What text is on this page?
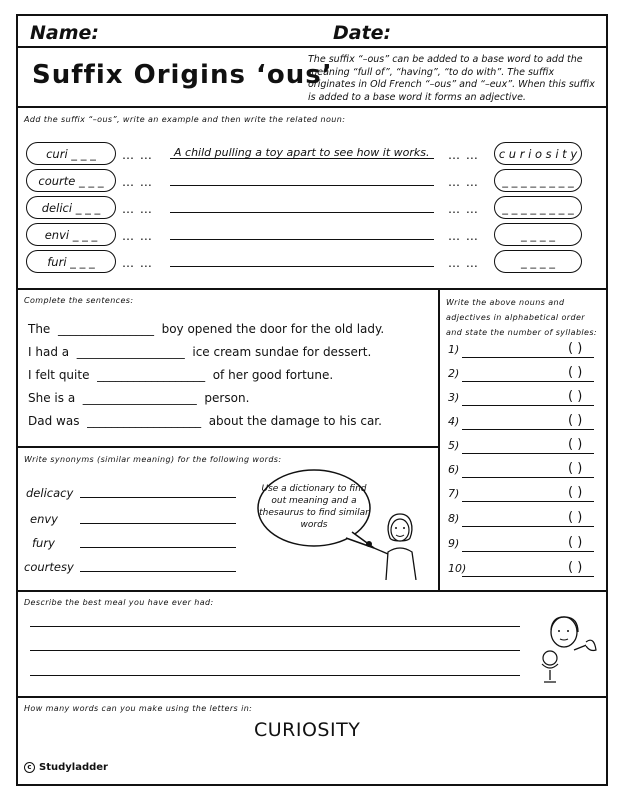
Name:	Date:
Suffix Origins ‘ous’
The suffix “–ous” can be added to a base word to add the meaning “full of”, “having”, “to do with”. The suffix originates in Old French “–ous” and “–eux”. When this suffix is added to a base word it forms an adjective.
Add the suffix “–ous”, write an example and then write the related noun:
curi _ _ _	… … A child pulling a toy apart to see how it works. … …	c u r i o s i t y
courte _ _ _	… …	… …	_ _ _ _ _ _ _ _
delici _ _ _	… …	… …	_ _ _ _ _ _ _ _
envi _ _ _	… …	… …	_ _ _ _
furi _ _ _	… …	… …	_ _ _ _
Complete the sentences:
The  ________________  boy opened the door for the old lady.
I had a  __________________  ice cream sundae for dessert.
I felt quite  __________________  of her good fortune.
She is a  ___________________  person.
Dad was  ___________________  about the damage to his car.
Write the above nouns and adjectives in alphabetical order and state the number of syllables:
1)	( )
2)	( )
3)	( )
4)	( )
5)	( )
6)	( )
7)	( )
8)	( )
9)	( )
10)	( )
Write synonyms (similar meaning) for the following words:
delicacy
envy
fury
courtesy
Use a dictionary to find out meaning and a thesaurus to find similar words
Describe the best meal you have ever had:
How many words can you make using the letters in:
CURIOSITY
c Studyladder
